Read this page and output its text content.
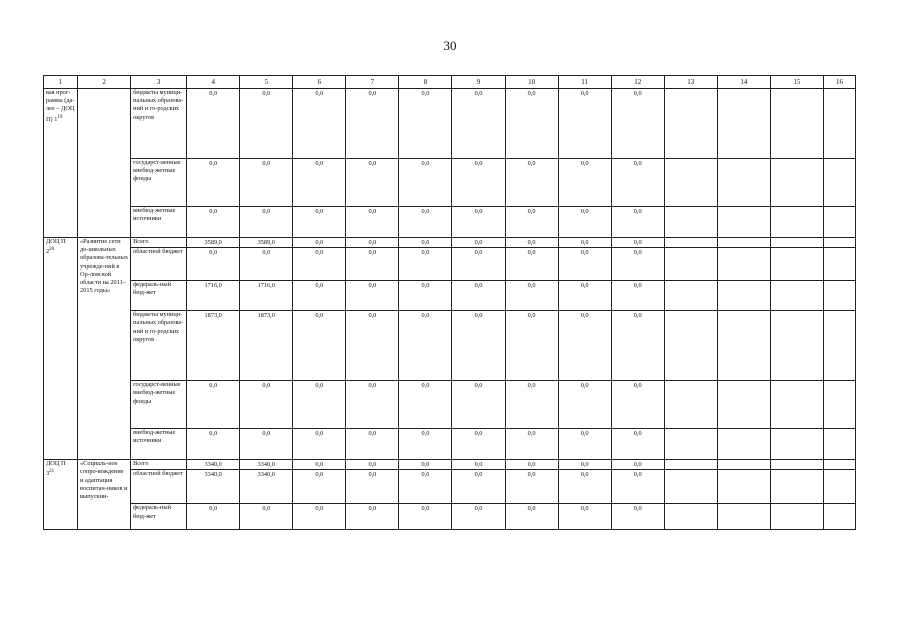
30
1	2	3	4	5	6	7	8	9	10	11	12	13	14	15	16
вая прог-рамма (да-лее – ДОЦ П) $1^{19}$		бюджеты муници-пальных образова-ний и го-родских округов	0,0	0,0	0,0	0,0	0,0	0,0	0,0	0,0	0,0				
		государст-венные внебюд-жетные фонды	0,0	0,0	0,0	0,0	0,0	0,0	0,0	0,0	0,0				
		внебюд-жетные источники	0,0	0,0	0,0	0,0	0,0	0,0	0,0	0,0	0,0				
ДОЦ П $2^{20}$	«Развитие сети до-школьных образова-тельных учрежде-ний в Ор-ловской области на 2011–2015 годы»	Всего	3589,0	3589,0	0,0	0,0	0,0	0,0	0,0	0,0	0,0				
		областной бюджет	0,0	0,0	0,0	0,0	0,0	0,0	0,0	0,0	0,0				
		федераль-ный бюд-жет	1716,0	1716,0	0,0	0,0	0,0	0,0	0,0	0,0	0,0				
		бюджеты муници-пальных образова-ний и го-родских округов	1873,0	1873,0	0,0	0,0	0,0	0,0	0,0	0,0	0,0				
		государст-венные внебюд-жетные фонды	0,0	0,0	0,0	0,0	0,0	0,0	0,0	0,0	0,0				
		внебюд-жетные источники	0,0	0,0	0,0	0,0	0,0	0,0	0,0	0,0	0,0				
ДОЦ П $3^{21}$	«Социаль-ное сопро-вождение и адаптация воспитан-ников и выпускни-	Всего	3340,0	3340,0	0,0	0,0	0,0	0,0	0,0	0,0	0,0				
		областной бюджет	3340,0	3340,0	0,0	0,0	0,0	0,0	0,0	0,0	0,0				
		федераль-ный бюд-жет	0,0	0,0	0,0	0,0	0,0	0,0	0,0	0,0	0,0				
